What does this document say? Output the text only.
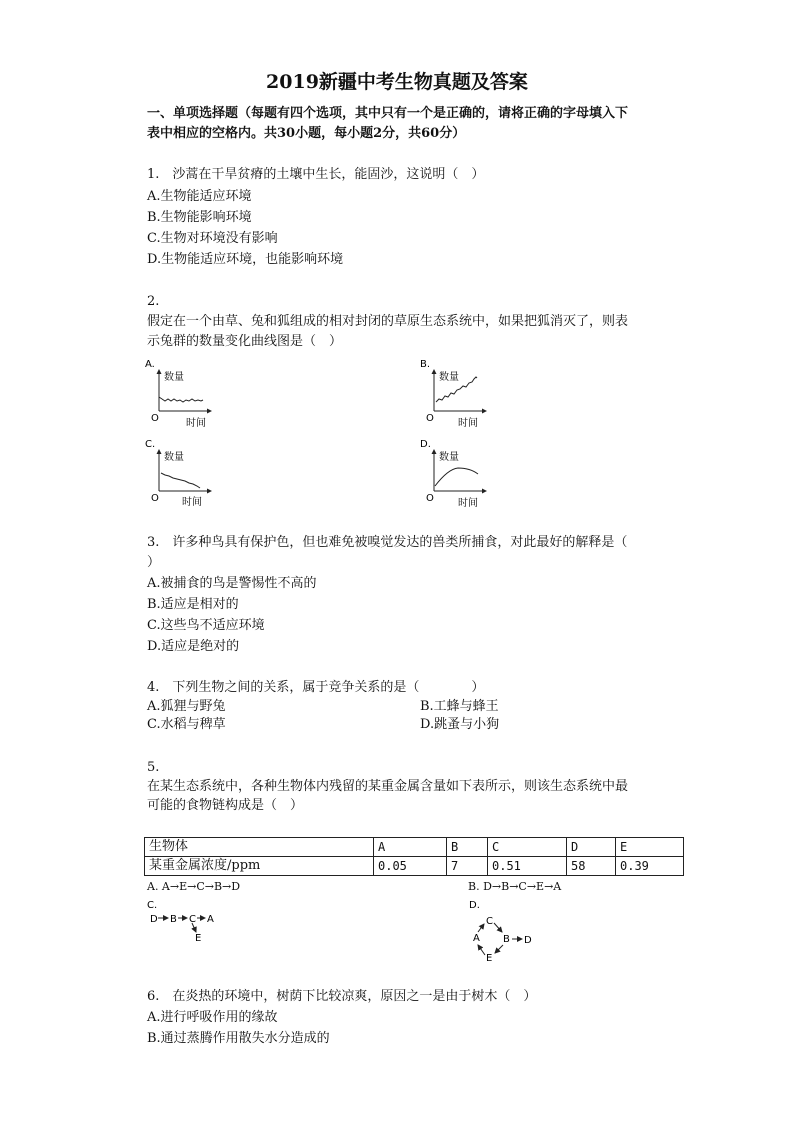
2019新疆中考生物真题及答案
一、单项选择题（每题有四个选项，其中只有一个是正确的，请将正确的字母填入下
表中相应的空格内。共30小题，每小题2分，共60分）
1.　沙蒿在干旱贫瘠的土壤中生长，能固沙，这说明（　）
A.生物能适应环境
B.生物能影响环境
C.生物对环境没有影响
D.生物能适应环境，也能影响环境
2.
假定在一个由草、兔和狐组成的相对封闭的草原生态系统中，如果把狐消灭了，则表
示兔群的数量变化曲线图是（　）
A.
数量
时间
O
B.
数量
时间
O
C.
数量
时间
O
D.
数量
时间
O
3.　许多种鸟具有保护色，但也难免被嗅觉发达的兽类所捕食，对此最好的解释是（
）
A.被捕食的鸟是警惕性不高的
B.适应是相对的
C.这些鸟不适应环境
D.适应是绝对的
4.　下列生物之间的关系，属于竞争关系的是（　　　　）
A.狐狸与野兔	B.工蜂与蜂王
C.水稻与稗草	D.跳蚤与小狗
5.
在某生态系统中，各种生物体内残留的某重金属含量如下表所示，则该生态系统中最
可能的食物链构成是（　）
生物体	A	B	C	D	E
某重金属浓度/ppm	0.05	7	0.51	58	0.39
A. A→E→C→B→D	B. D→B→C→E→A
C.
D B C A
E
D.
C
A B D
E
6.　在炎热的环境中，树荫下比较凉爽，原因之一是由于树木（　）
A.进行呼吸作用的缘故
B.通过蒸腾作用散失水分造成的
